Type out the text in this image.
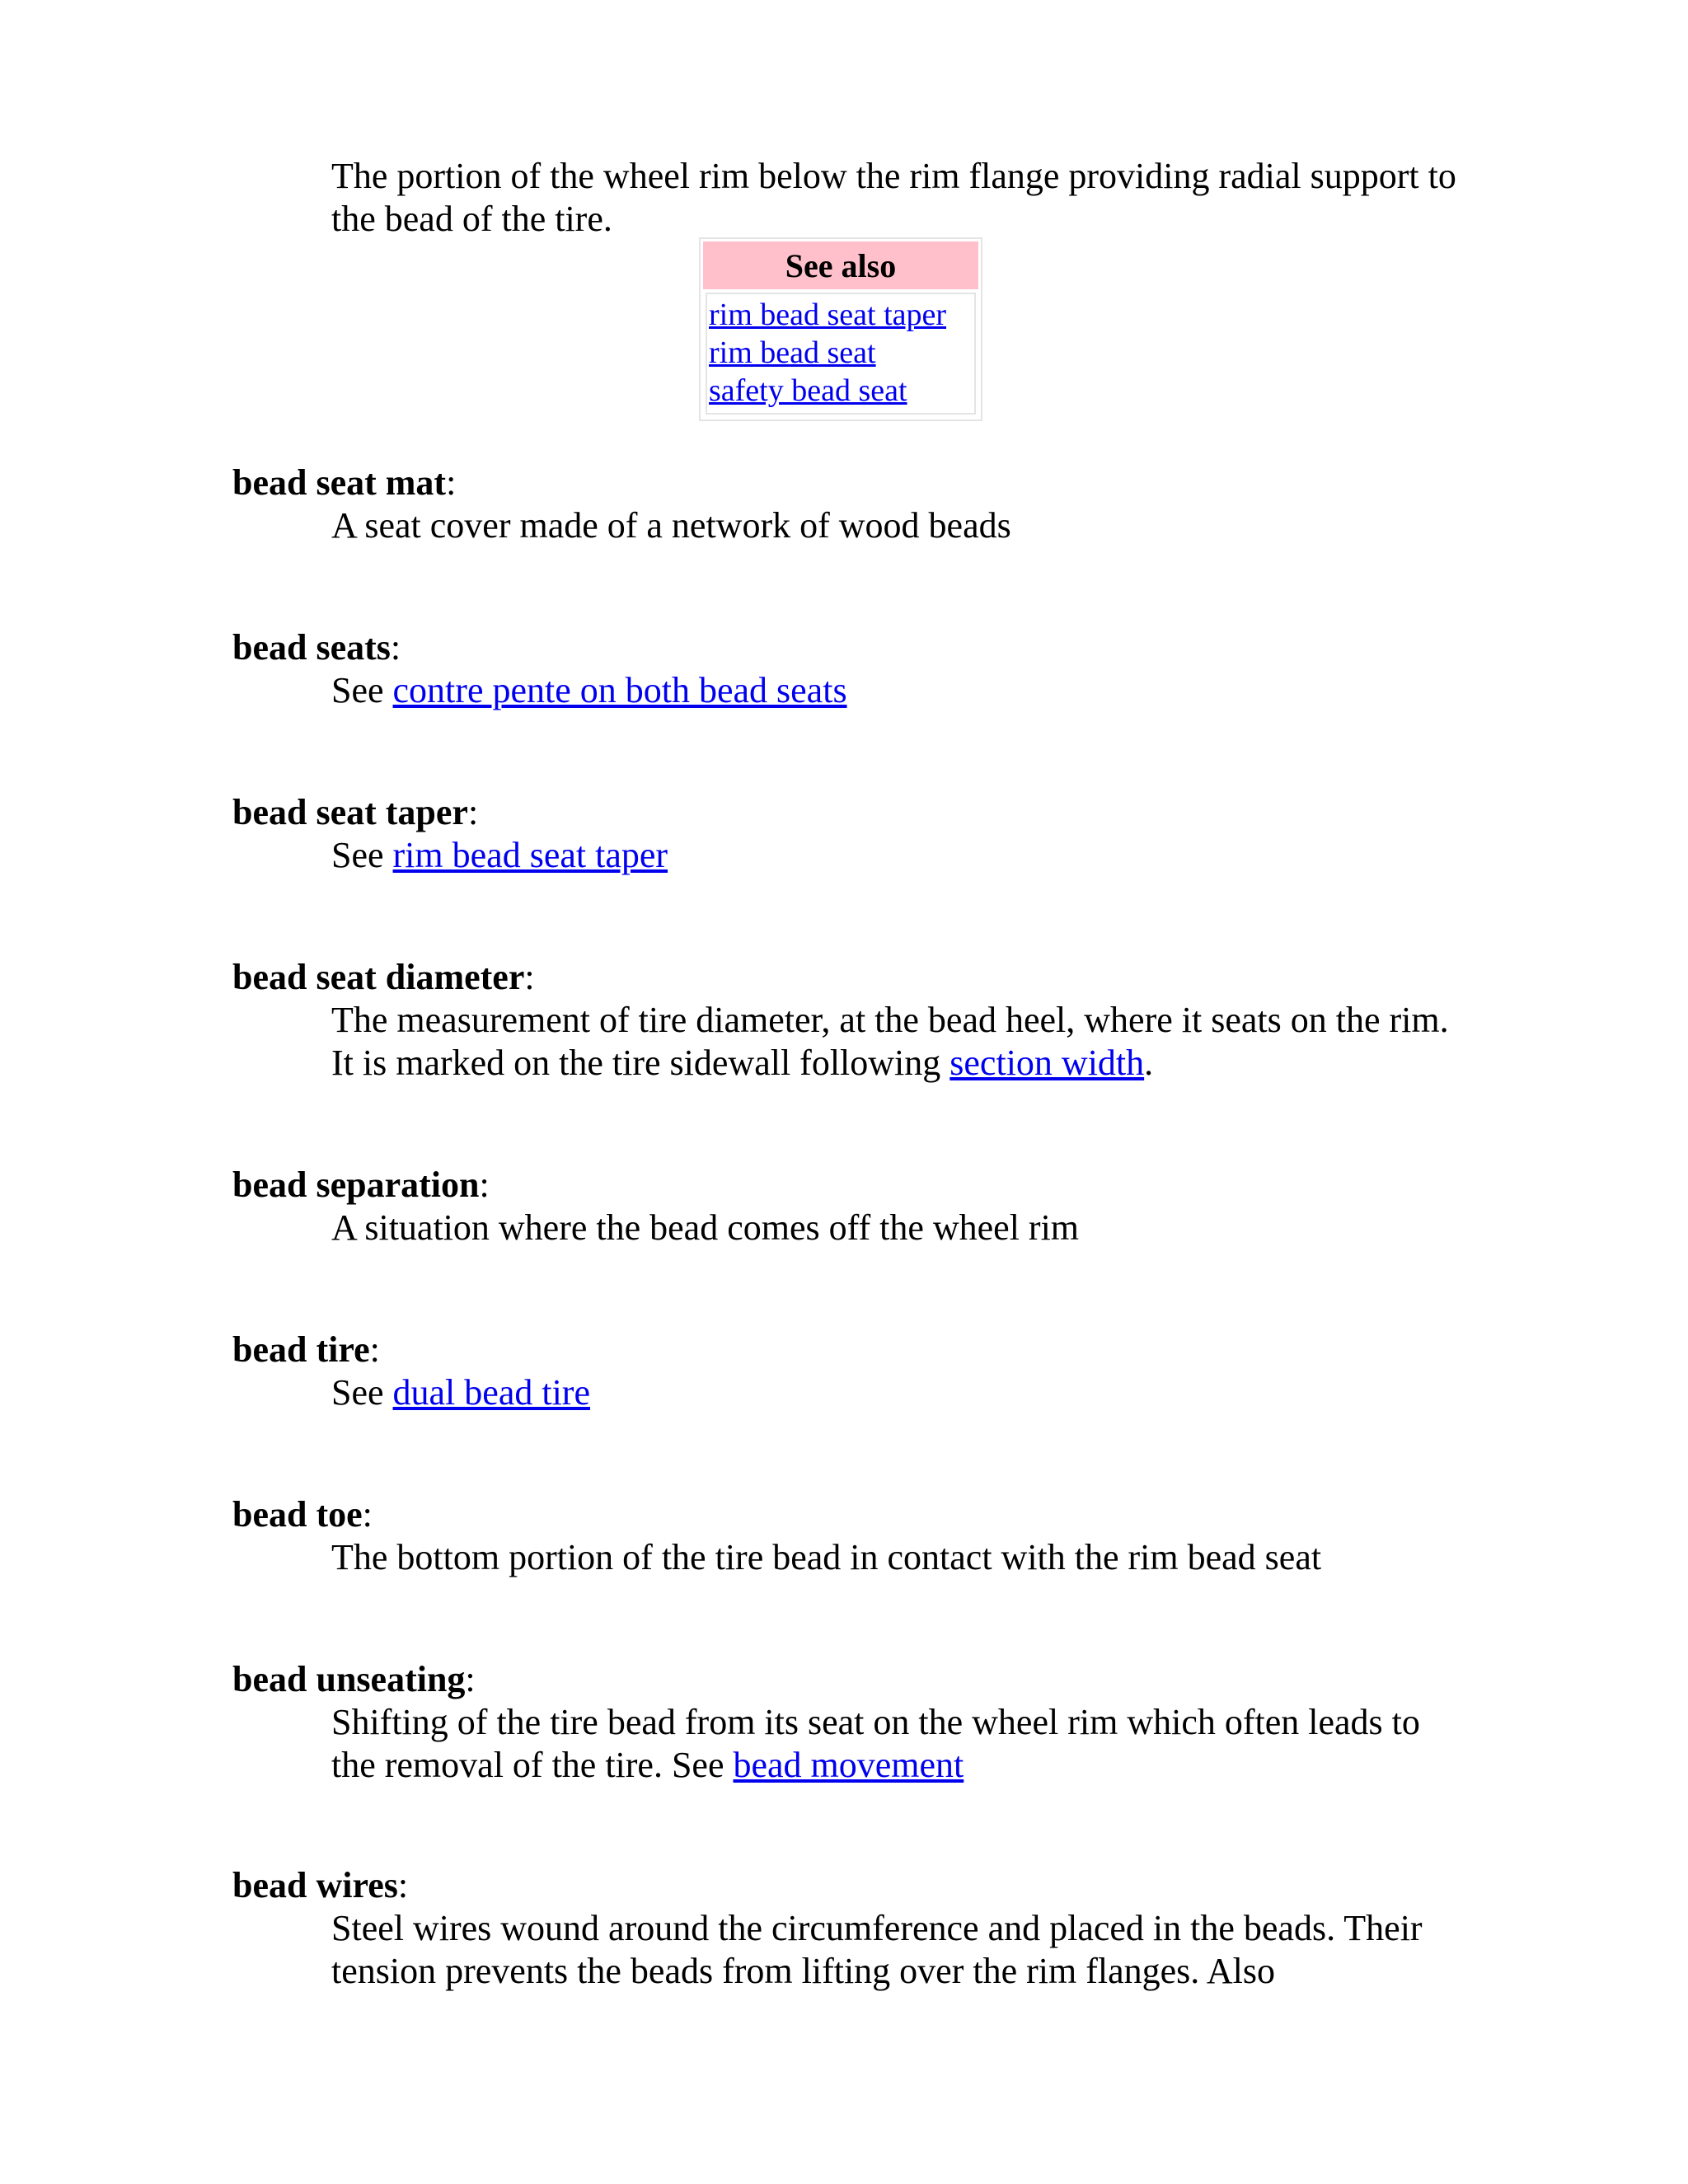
The portion of the wheel rim below the rim flange providing radial support to the bead of the tire.
See also
rim bead seat taper
rim bead seat
safety bead seat
bead seat mat:
A seat cover made of a network of wood beads
bead seats:
See contre pente on both bead seats
bead seat taper:
See rim bead seat taper
bead seat diameter:
The measurement of tire diameter, at the bead heel, where it seats on the rim. It is marked on the tire sidewall following section width.
bead separation:
A situation where the bead comes off the wheel rim
bead tire:
See dual bead tire
bead toe:
The bottom portion of the tire bead in contact with the rim bead seat
bead unseating:
Shifting of the tire bead from its seat on the wheel rim which often leads to the removal of the tire. See bead movement
bead wires:
Steel wires wound around the circumference and placed in the beads. Their tension prevents the beads from lifting over the rim flanges. Also
